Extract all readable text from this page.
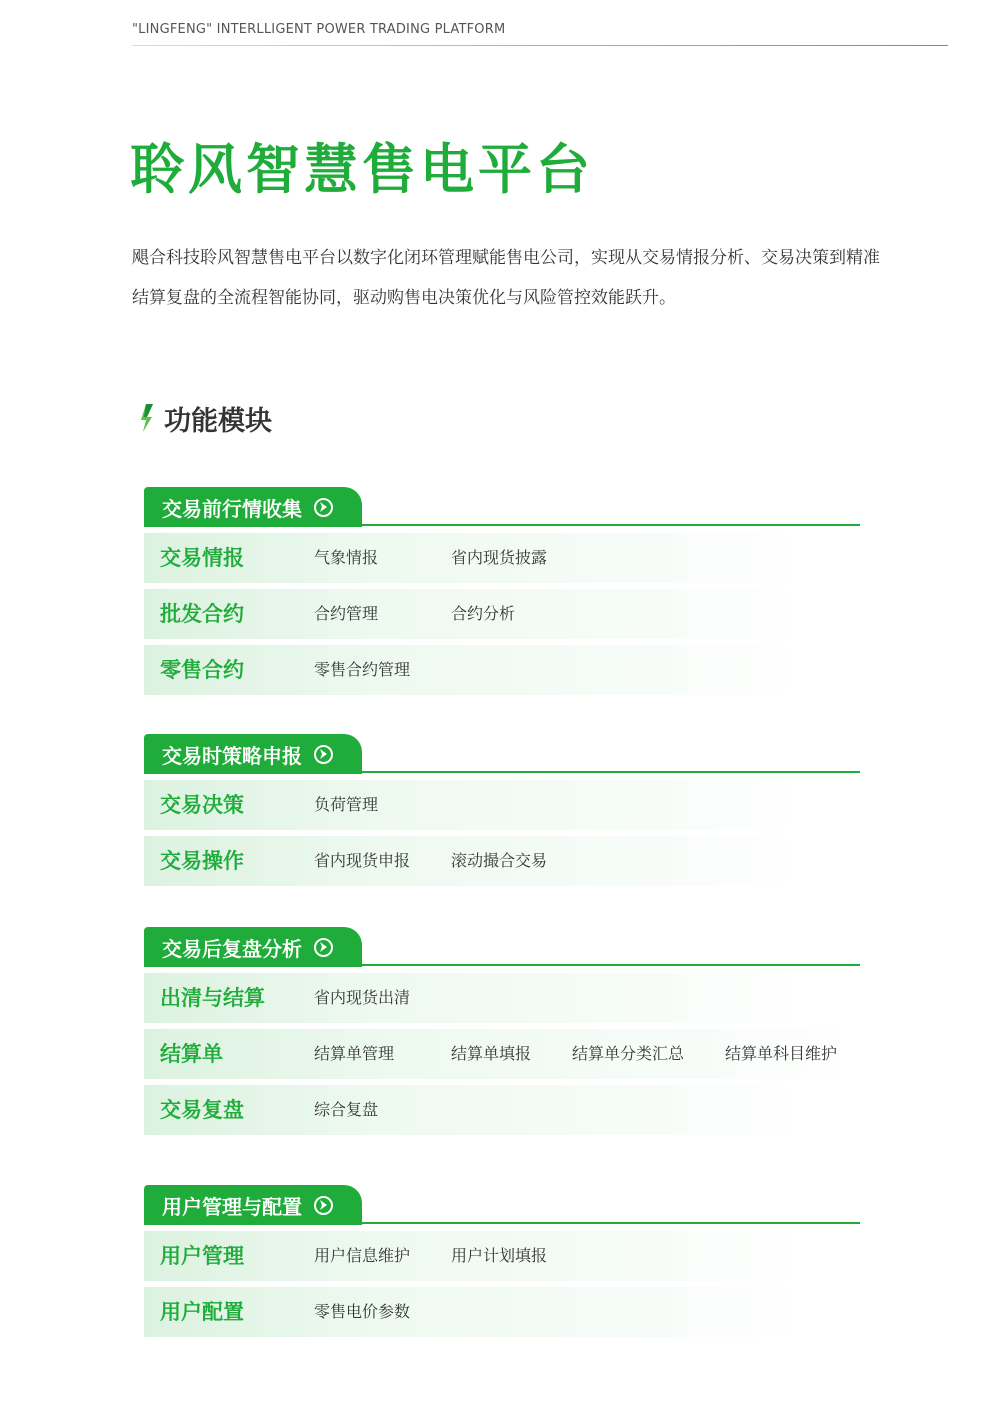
"LINGFENG" INTERLLIGENT POWER TRADING PLATFORM
聆风智慧售电平台
飓合科技聆风智慧售电平台以数字化闭环管理赋能售电公司，实现从交易情报分析、交易决策到精准
结算复盘的全流程智能协同，驱动购售电决策优化与风险管控效能跃升。
功能模块
交易前行情收集
交易情报	气象情报	省内现货披露
批发合约	合约管理	合约分析
零售合约	零售合约管理
交易时策略申报
交易决策	负荷管理
交易操作	省内现货申报	滚动撮合交易
交易后复盘分析
出清与结算	省内现货出清
结算单	结算单管理	结算单填报	结算单分类汇总	结算单科目维护
交易复盘	综合复盘
用户管理与配置
用户管理	用户信息维护	用户计划填报
用户配置	零售电价参数
